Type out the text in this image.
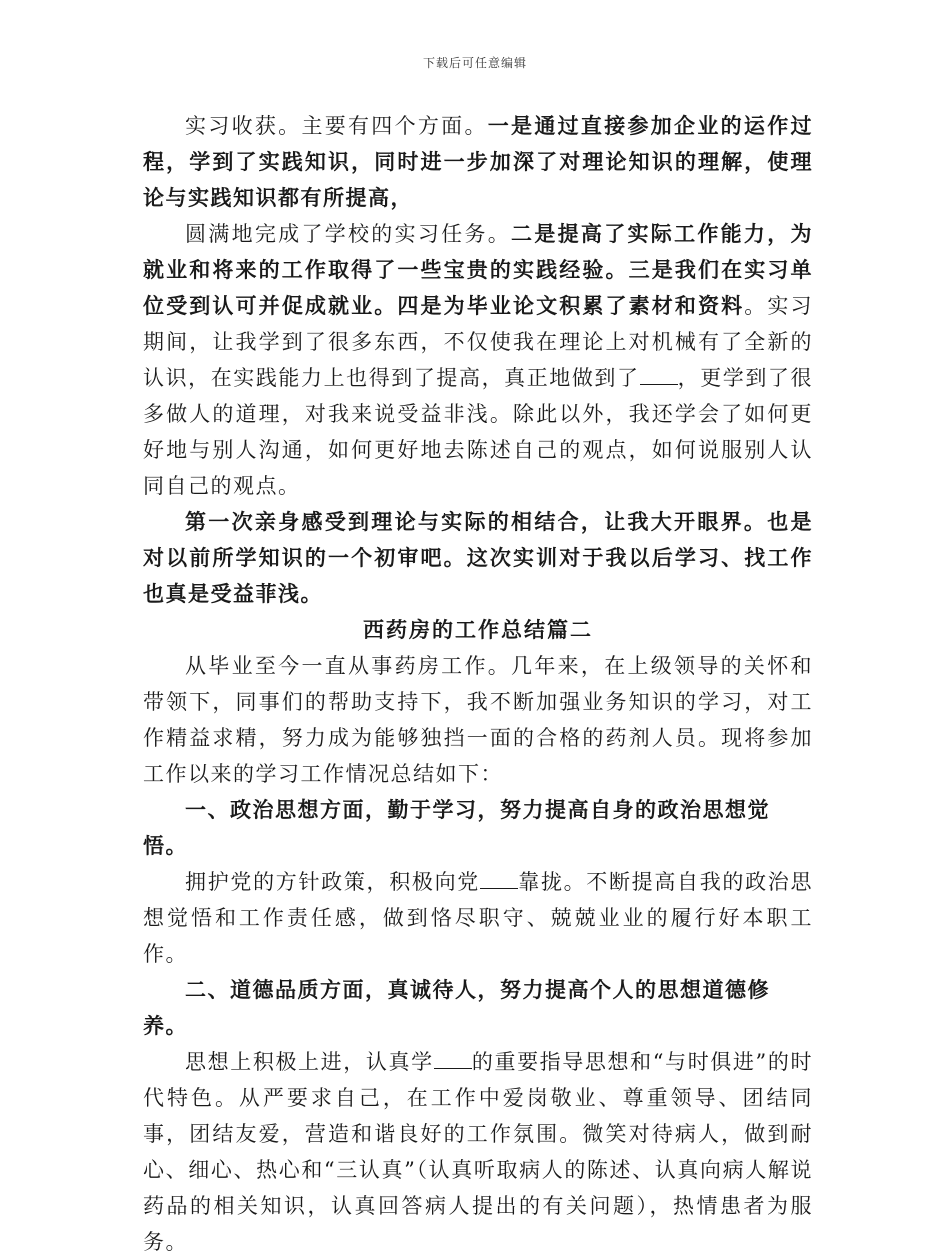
下载后可任意编辑

实习收获。主要有四个方面。一是通过直接参加企业的运作过程，学到了实践知识，同时进一步加深了对理论知识的理解，使理论与实践知识都有所提高，

圆满地完成了学校的实习任务。二是提高了实际工作能力，为就业和将来的工作取得了一些宝贵的实践经验。三是我们在实习单位受到认可并促成就业。四是为毕业论文积累了素材和资料。实习期间，让我学到了很多东西，不仅使我在理论上对机械有了全新的认识，在实践能力上也得到了提高，真正地做到了 ，更学到了很多做人的道理，对我来说受益非浅。除此以外，我还学会了如何更好地与别人沟通，如何更好地去陈述自己的观点，如何说服别人认同自己的观点。

第一次亲身感受到理论与实际的相结合，让我大开眼界。也是对以前所学知识的一个初审吧。这次实训对于我以后学习、找工作也真是受益菲浅。

西药房的工作总结篇二

从毕业至今一直从事药房工作。几年来，在上级领导的关怀和带领下，同事们的帮助支持下，我不断加强业务知识的学习，对工作精益求精，努力成为能够独挡一面的合格的药剂人员。现将参加工作以来的学习工作情况总结如下：

一、政治思想方面，勤于学习，努力提高自身的政治思想觉悟。

拥护党的方针政策，积极向党 靠拢。不断提高自我的政治思想觉悟和工作责任感，做到恪尽职守、兢兢业业的履行好本职工作。

二、道德品质方面，真诚待人，努力提高个人的思想道德修养。

思想上积极上进，认真学 的重要指导思想和“与时俱进”的时代特色。从严要求自己，在工作中爱岗敬业、尊重领导、团结同事，团结友爱，营造和谐良好的工作氛围。微笑对待病人，做到耐心、细心、热心和“三认真”（认真听取病人的陈述、认真向病人解说药品的相关知识，认真回答病人提出的有关问题），热情患者为服务。
